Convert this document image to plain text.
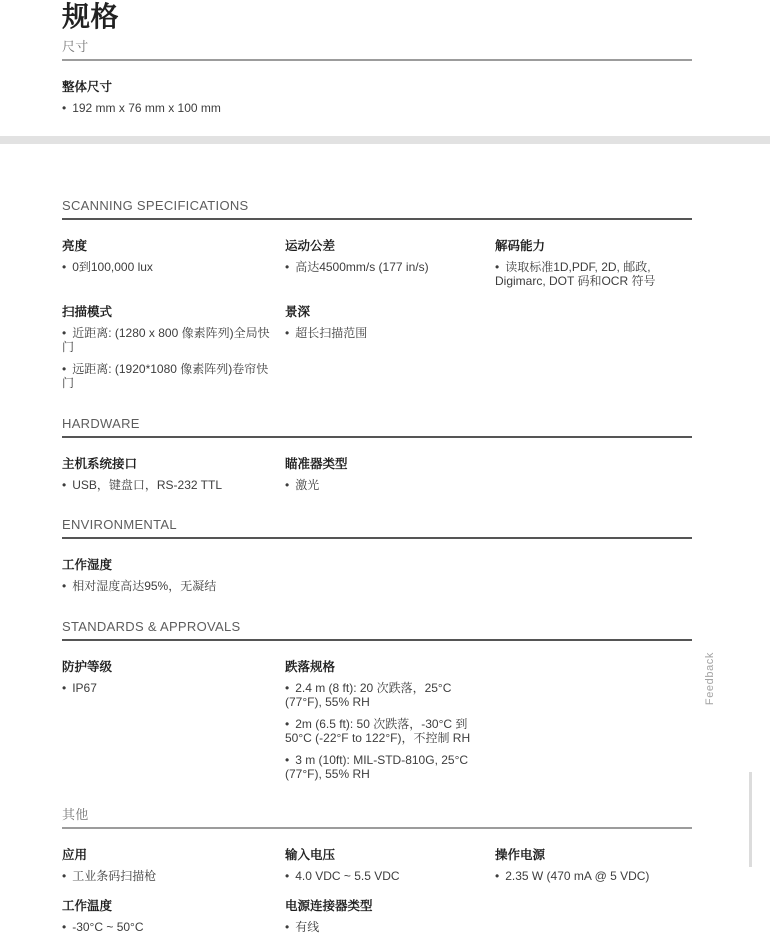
规格
尺寸
整体尺寸
• 192 mm x 76 mm x 100 mm
SCANNING SPECIFICATIONS
亮度
• 0到100,000 lux
运动公差
• 高达4500mm/s (177 in/s)
解码能力
• 读取标准1D,PDF, 2D, 邮政, Digimarc, DOT 码和OCR 符号
扫描模式
• 近距离: (1280 x 800 像素阵列)全局快门
• 远距离: (1920*1080 像素阵列)卷帘快门
景深
• 超长扫描范围
HARDWARE
主机系统接口
• USB，键盘口，RS-232 TTL
瞄准器类型
• 激光
ENVIRONMENTAL
工作湿度
• 相对湿度高达95%，无凝结
STANDARDS & APPROVALS
防护等级
• IP67
跌落规格
• 2.4 m (8 ft): 20 次跌落，25°C (77°F), 55% RH
• 2m (6.5 ft): 50 次跌落，-30°C 到 50°C (-22°F to 122°F)，不控制 RH
• 3 m (10ft): MIL-STD-810G, 25°C (77°F), 55% RH
其他
应用
• 工业条码扫描枪
输入电压
• 4.0 VDC ~ 5.5 VDC
操作电源
• 2.35 W (470 mA @ 5 VDC)
工作温度
• -30°C ~ 50°C
电源连接器类型
• 有线
Feedback
